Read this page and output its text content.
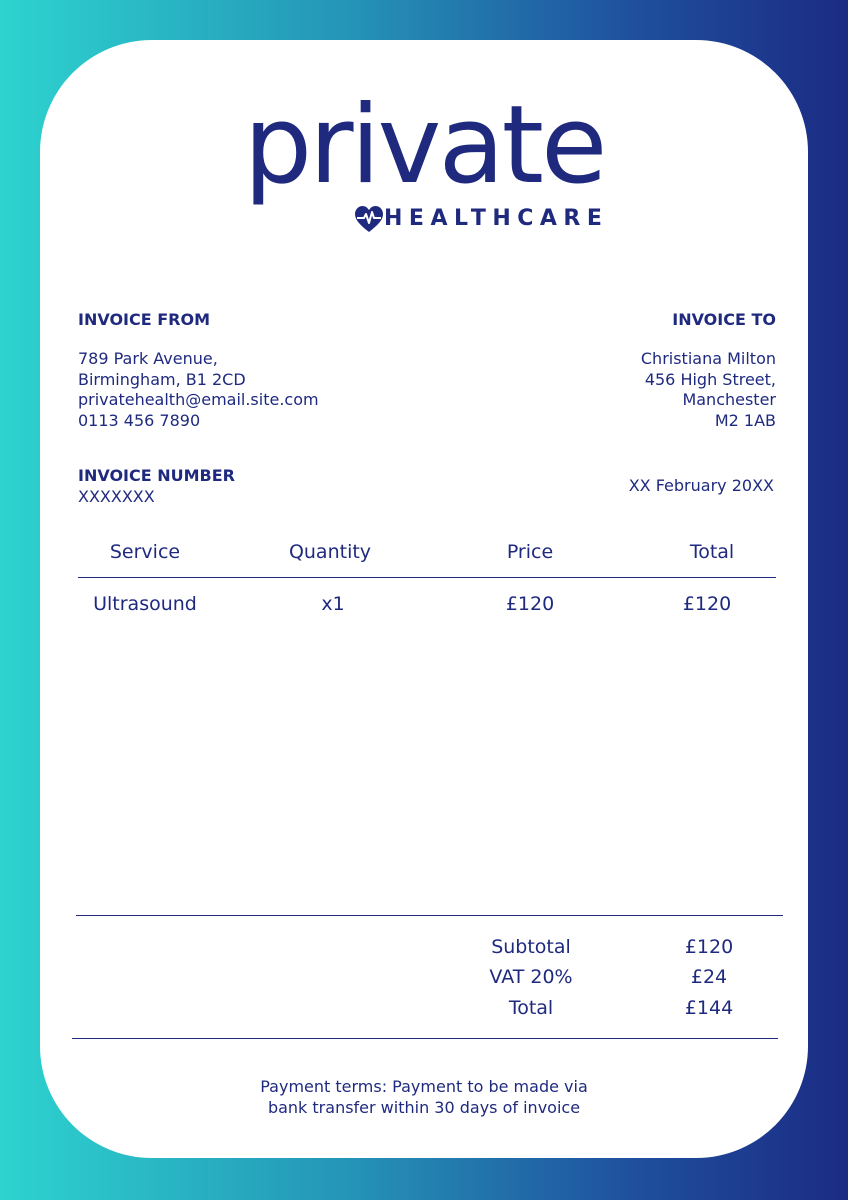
private
HEALTHCARE
INVOICE FROM
789 Park Avenue,
Birmingham, B1 2CD
privatehealth@email.site.com
0113 456 7890
INVOICE TO
Christiana Milton
456 High Street,
Manchester
M2 1AB
INVOICE NUMBER
XXXXXXX
XX February 20XX
Service	Quantity	Price	Total
Ultrasound	x1	£120	£120
Subtotal	£120
VAT 20%	£24
Total	£144
Payment terms: Payment to be made via
bank transfer within 30 days of invoice
